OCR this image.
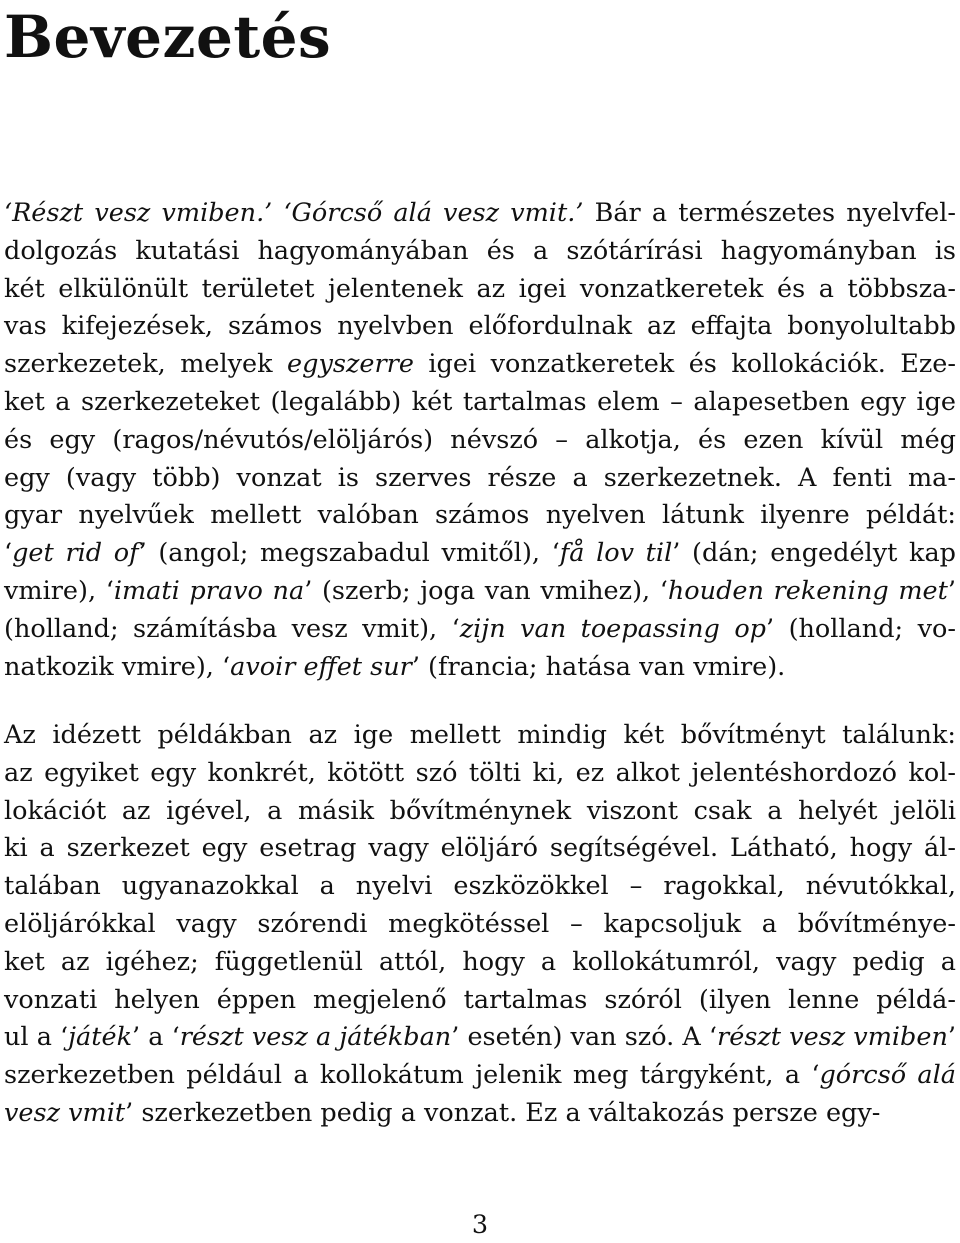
Bevezetés
‘Részt vesz vmiben.’ ‘Górcső alá vesz vmit.’ Bár a természetes nyelvfel-
dolgozás kutatási hagyományában és a szótárírási hagyományban is
két elkülönült területet jelentenek az igei vonzatkeretek és a többsza-
vas kifejezések, számos nyelvben előfordulnak az effajta bonyolultabb
szerkezetek, melyek egyszerre igei vonzatkeretek és kollokációk. Eze-
ket a szerkezeteket (legalább) két tartalmas elem – alapesetben egy ige
és egy (ragos/névutós/elöljárós) névszó – alkotja, és ezen kívül még
egy (vagy több) vonzat is szerves része a szerkezetnek. A fenti ma-
gyar nyelvűek mellett valóban számos nyelven látunk ilyenre példát:
‘get rid of’ (angol; megszabadul vmitől), ‘få lov til’ (dán; engedélyt kap
vmire), ‘imati pravo na’ (szerb; joga van vmihez), ‘houden rekening met’
(holland; számításba vesz vmit), ‘zijn van toepassing op’ (holland; vo-
natkozik vmire), ‘avoir effet sur’ (francia; hatása van vmire).
Az idézett példákban az ige mellett mindig két bővítményt találunk:
az egyiket egy konkrét, kötött szó tölti ki, ez alkot jelentéshordozó kol-
lokációt az igével, a másik bővítménynek viszont csak a helyét jelöli
ki a szerkezet egy esetrag vagy elöljáró segítségével. Látható, hogy ál-
talában ugyanazokkal a nyelvi eszközökkel – ragokkal, névutókkal,
elöljárókkal vagy szórendi megkötéssel – kapcsoljuk a bővítménye-
ket az igéhez; függetlenül attól, hogy a kollokátumról, vagy pedig a
vonzati helyen éppen megjelenő tartalmas szóról (ilyen lenne példá-
ul a ‘játék’ a ‘részt vesz a játékban’ esetén) van szó. A ‘részt vesz vmiben’
szerkezetben például a kollokátum jelenik meg tárgyként, a ‘górcső alá
vesz vmit’ szerkezetben pedig a vonzat. Ez a váltakozás persze egy-
3
